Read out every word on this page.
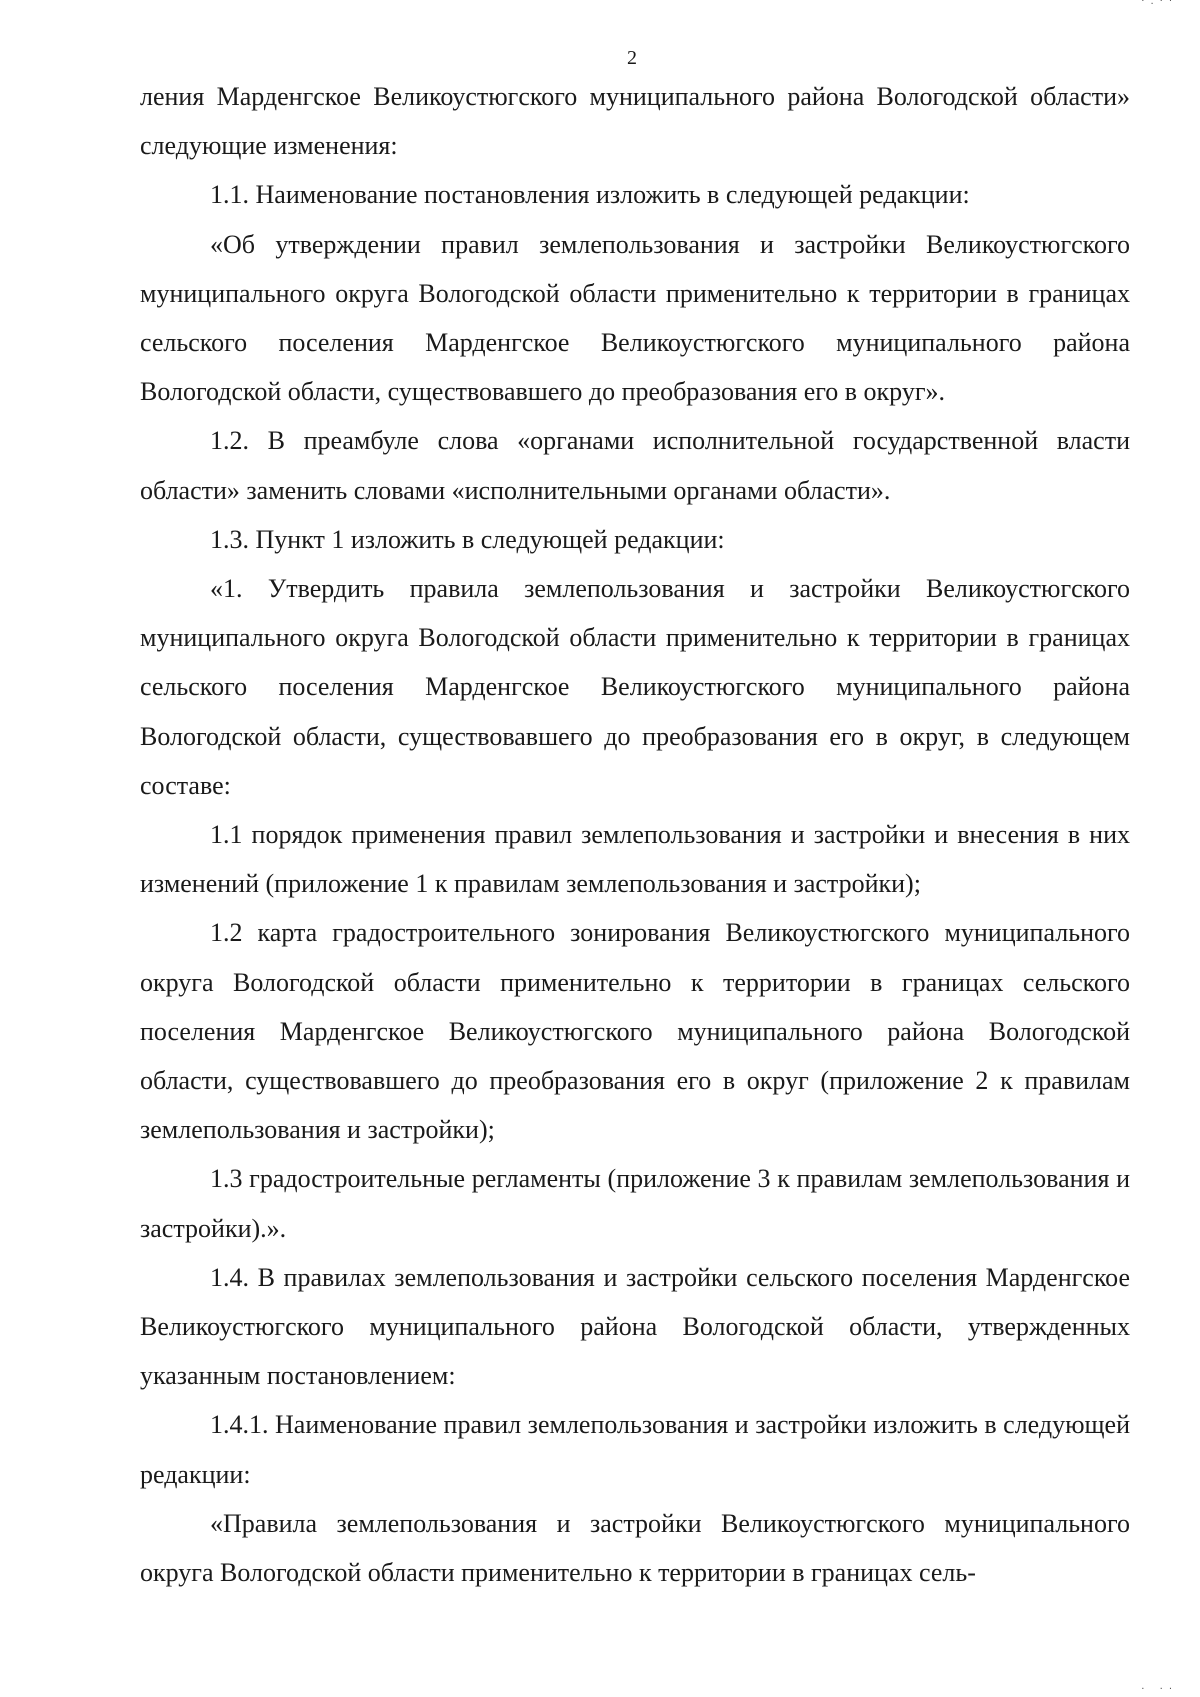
·.··
2

ления Марденгское Великоустюгского муниципального района Вологодской области» следующие изменения:

1.1. Наименование постановления изложить в следующей редакции:

«Об утверждении правил землепользования и застройки Великоустюгского муниципального округа Вологодской области применительно к территории в границах сельского поселения Марденгское Великоустюгского муниципального района Вологодской области, существовавшего до преобразования его в округ».

1.2. В преамбуле слова «органами исполнительной государственной власти области» заменить словами «исполнительными органами области».

1.3. Пункт 1 изложить в следующей редакции:

«1. Утвердить правила землепользования и застройки Великоустюгского муниципального округа Вологодской области применительно к территории в границах сельского поселения Марденгское Великоустюгского муниципального района Вологодской области, существовавшего до преобразования его в округ, в следующем составе:

1.1 порядок применения правил землепользования и застройки и внесения в них изменений (приложение 1 к правилам землепользования и застройки);

1.2 карта градостроительного зонирования Великоустюгского муниципального округа Вологодской области применительно к территории в границах сельского поселения Марденгское Великоустюгского муниципального района Вологодской области, существовавшего до преобразования его в округ (приложение 2 к правилам землепользования и застройки);

1.3 градостроительные регламенты (приложение 3 к правилам землепользования и застройки).».

1.4. В правилах землепользования и застройки сельского поселения Марденгское Великоустюгского муниципального района Вологодской области, утвержденных указанным постановлением:

1.4.1. Наименование правил землепользования и застройки изложить в следующей редакции:

«Правила землепользования и застройки Великоустюгского муниципального округа Вологодской области применительно к территории в границах сель-

· ··
